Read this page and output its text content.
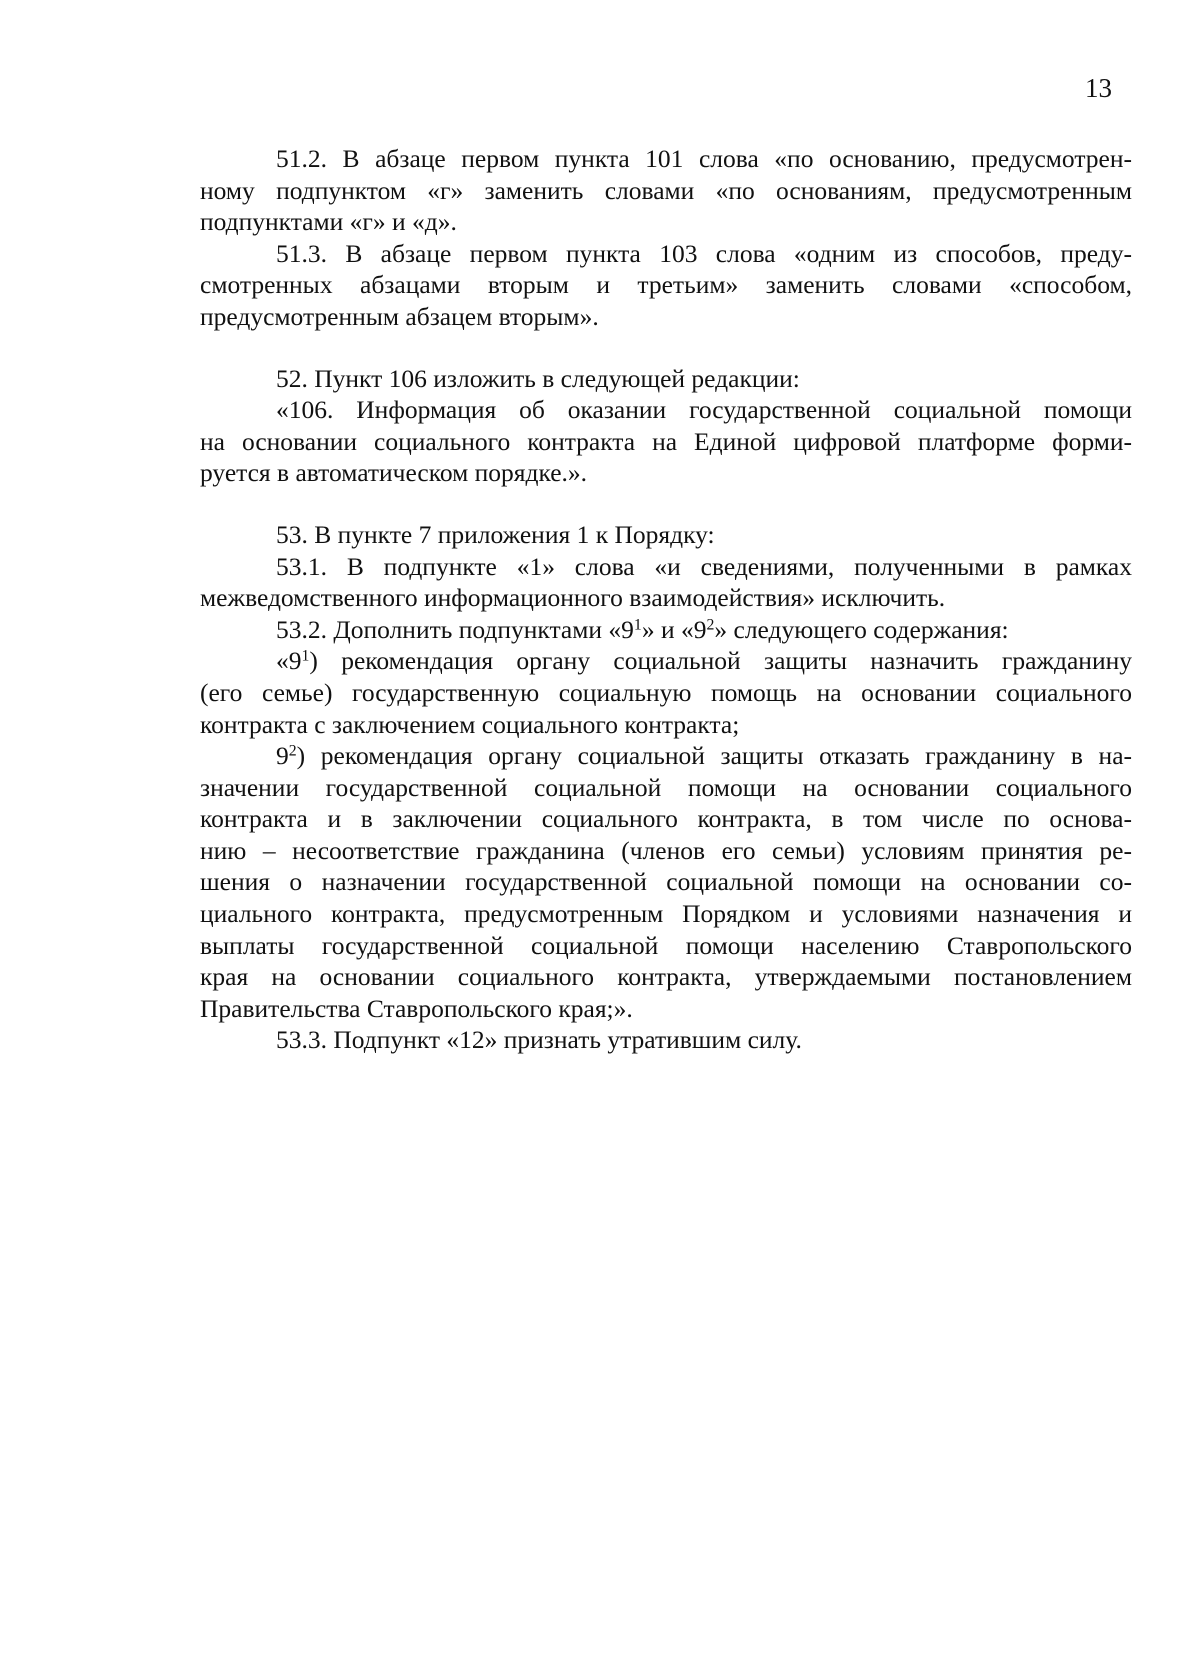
13
51.2. В абзаце первом пункта 101 слова «по основанию, предусмотрен-
ному подпунктом «г» заменить словами «по основаниям, предусмотренным
подпунктами «г» и «д».
51.3. В абзаце первом пункта 103 слова «одним из способов, преду-
смотренных абзацами вторым и третьим» заменить словами «способом,
предусмотренным абзацем вторым».
52. Пункт 106 изложить в следующей редакции:
«106. Информация об оказании государственной социальной помощи
на основании социального контракта на Единой цифровой платформе форми-
руется в автоматическом порядке.».
53. В пункте 7 приложения 1 к Порядку:
53.1. В подпункте «1» слова «и сведениями, полученными в рамках
межведомственного информационного взаимодействия» исключить.
53.2. Дополнить подпунктами «$9^1$» и «$9^2$» следующего содержания:
«$9^1$) рекомендация органу социальной защиты назначить гражданину
(его семье) государственную социальную помощь на основании социального
контракта с заключением социального контракта;
$9^2$) рекомендация органу социальной защиты отказать гражданину в на-
значении государственной социальной помощи на основании социального
контракта и в заключении социального контракта, в том числе по основа-
нию – несоответствие гражданина (членов его семьи) условиям принятия ре-
шения о назначении государственной социальной помощи на основании со-
циального контракта, предусмотренным Порядком и условиями назначения и
выплаты государственной социальной помощи населению Ставропольского
края на основании социального контракта, утверждаемыми постановлением
Правительства Ставропольского края;».
53.3. Подпункт «12» признать утратившим силу.
